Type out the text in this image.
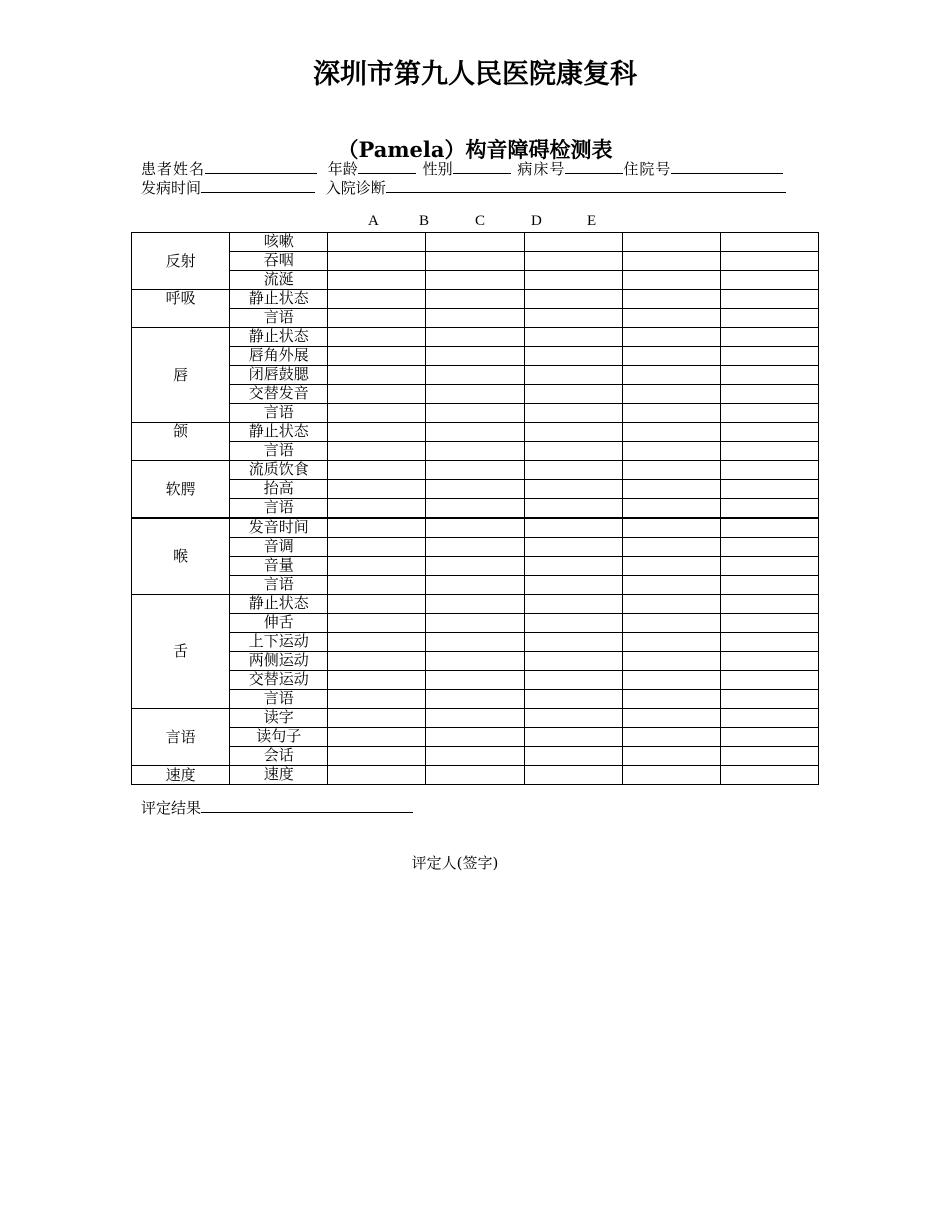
深圳市第九人民医院康复科
（Pamela）构音障碍检测表
患者姓名	年龄	性别	病床号	住院号
发病时间	入院诊断
A	B	C	D	E
反射	咳嗽					
	吞咽					
	流涎					
呼吸	静止状态					
	言语					
唇	静止状态					
	唇角外展					
	闭唇鼓腮					
	交替发音					
	言语					
颌	静止状态					
	言语					
软腭	流质饮食					
	抬高					
	言语					
喉	发音时间					
	音调					
	音量					
	言语					
舌	静止状态					
	伸舌					
	上下运动					
	两侧运动					
	交替运动					
	言语					
言语	读字					
	读句子					
	会话					
速度	速度					
评定结果
评定人(签字)
